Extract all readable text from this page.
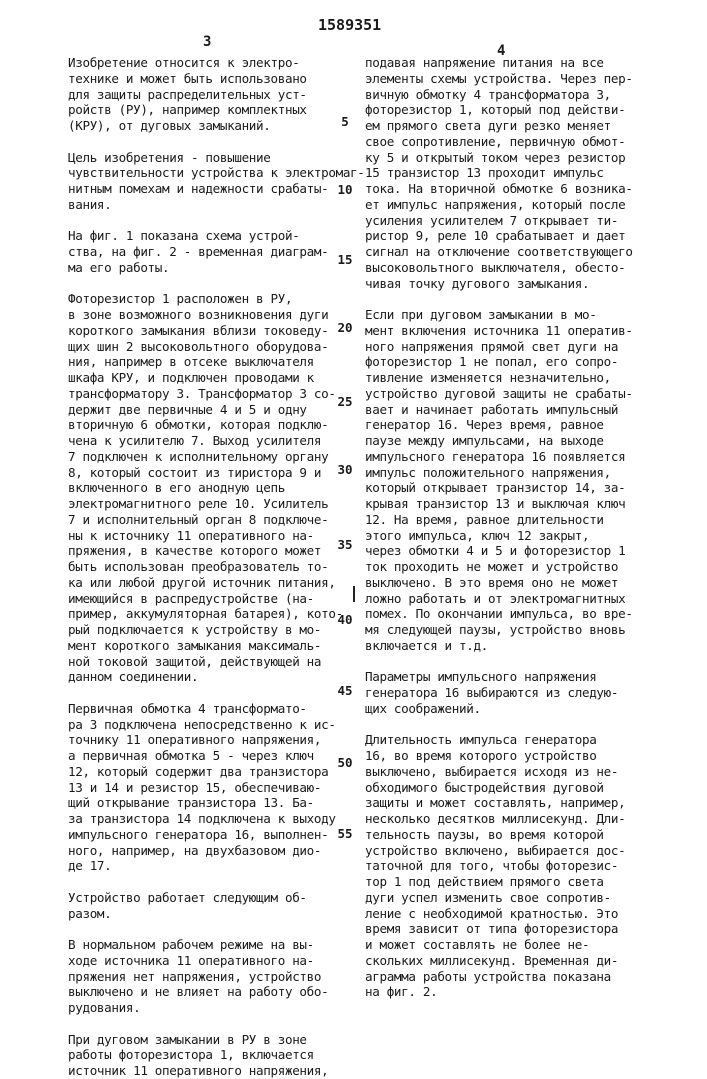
3
1589351
4
Изобретение относится к электро-
технике и может быть использовано
для защиты распределительных уст-
ройств (РУ), например комплектных
(КРУ), от дуговых замыканий.
Цель изобретения - повышение
чувствительности устройства к электромаг-
нитным помехам и надежности срабаты-
вания.
На фиг. 1 показана схема устрой-
ства, на фиг. 2 - временная диаграм-
ма его работы.
Фоторезистор 1 расположен в РУ,
в зоне возможного возникновения дуги
короткого замыкания вблизи токоведу-
щих шин 2 высоковольтного оборудова-
ния, например в отсеке выключателя
шкафа КРУ, и подключен проводами к
трансформатору 3. Трансформатор 3 со-
держит две первичные 4 и 5 и одну
вторичную 6 обмотки, которая подклю-
чена к усилителю 7. Выход усилителя
7 подключен к исполнительному органу
8, который состоит из тиристора 9 и
включенного в его анодную цепь
электромагнитного реле 10. Усилитель
7 и исполнительный орган 8 подключе-
ны к источнику 11 оперативного на-
пряжения, в качестве которого может
быть использован преобразователь то-
ка или любой другой источник питания,
имеющийся в распредустройстве (на-
пример, аккумуляторная батарея), кото-
рый подключается к устройству в мо-
мент короткого замыкания максималь-
ной токовой защитой, действующей на
данном соединении.
Первичная обмотка 4 трансформато-
ра 3 подключена непосредственно к ис-
точнику 11 оперативного напряжения,
а первичная обмотка 5 - через ключ
12, который содержит два транзистора
13 и 14 и резистор 15, обеспечиваю-
щий открывание транзистора 13. Ба-
за транзистора 14 подключена к выходу
импульсного генератора 16, выполнен-
ного, например, на двухбазовом дио-
де 17.
Устройство работает следующим об-
разом.
В нормальном рабочем режиме на вы-
ходе источника 11 оперативного на-
пряжения нет напряжения, устройство
выключено и не влияет на работу обо-
рудования.
При дуговом замыкании в РУ в зоне
работы фоторезистора 1, включается
источник 11 оперативного напряжения,
подавая напряжение питания на все
элементы схемы устройства. Через пер-
вичную обмотку 4 трансформатора 3,
фоторезистор 1, который под действи-
ем прямого света дуги резко меняет
свое сопротивление, первичную обмот-
ку 5 и открытый током через резистор
15 транзистор 13 проходит импульс
тока. На вторичной обмотке 6 возника-
ет импульс напряжения, который после
усиления усилителем 7 открывает ти-
ристор 9, реле 10 срабатывает и дает
сигнал на отключение соответствующего
высоковольтного выключателя, обесто-
чивая точку дугового замыкания.
Если при дуговом замыкании в мо-
мент включения источника 11 оператив-
ного напряжения прямой свет дуги на
фоторезистор 1 не попал, его сопро-
тивление изменяется незначительно,
устройство дуговой защиты не срабаты-
вает и начинает работать импульсный
генератор 16. Через время, равное
паузе между импульсами, на выходе
импульсного генератора 16 появляется
импульс положительного напряжения,
который открывает транзистор 14, за-
крывая транзистор 13 и выключая ключ
12. На время, равное длительности
этого импульса, ключ 12 закрыт,
через обмотки 4 и 5 и фоторезистор 1
ток проходить не может и устройство
выключено. В это время оно не может
ложно работать и от электромагнитных
помех. По окончании импульса, во вре-
мя следующей паузы, устройство вновь
включается и т.д.
Параметры импульсного напряжения
генератора 16 выбираются из следую-
щих соображений.
Длительность импульса генератора
16, во время которого устройство
выключено, выбирается исходя из не-
обходимого быстродействия дуговой
защиты и может составлять, например,
несколько десятков миллисекунд. Дли-
тельность паузы, во время которой
устройство включено, выбирается дос-
таточной для того, чтобы фоторезис-
тор 1 под действием прямого света
дуги успел изменить свое сопротив-
ление с необходимой кратностью. Это
время зависит от типа фоторезистора
и может составлять не более не-
скольких миллисекунд. Временная ди-
аграмма работы устройства показана
на фиг. 2.
5
10
15
20
25
30
35
40
45
50
55
